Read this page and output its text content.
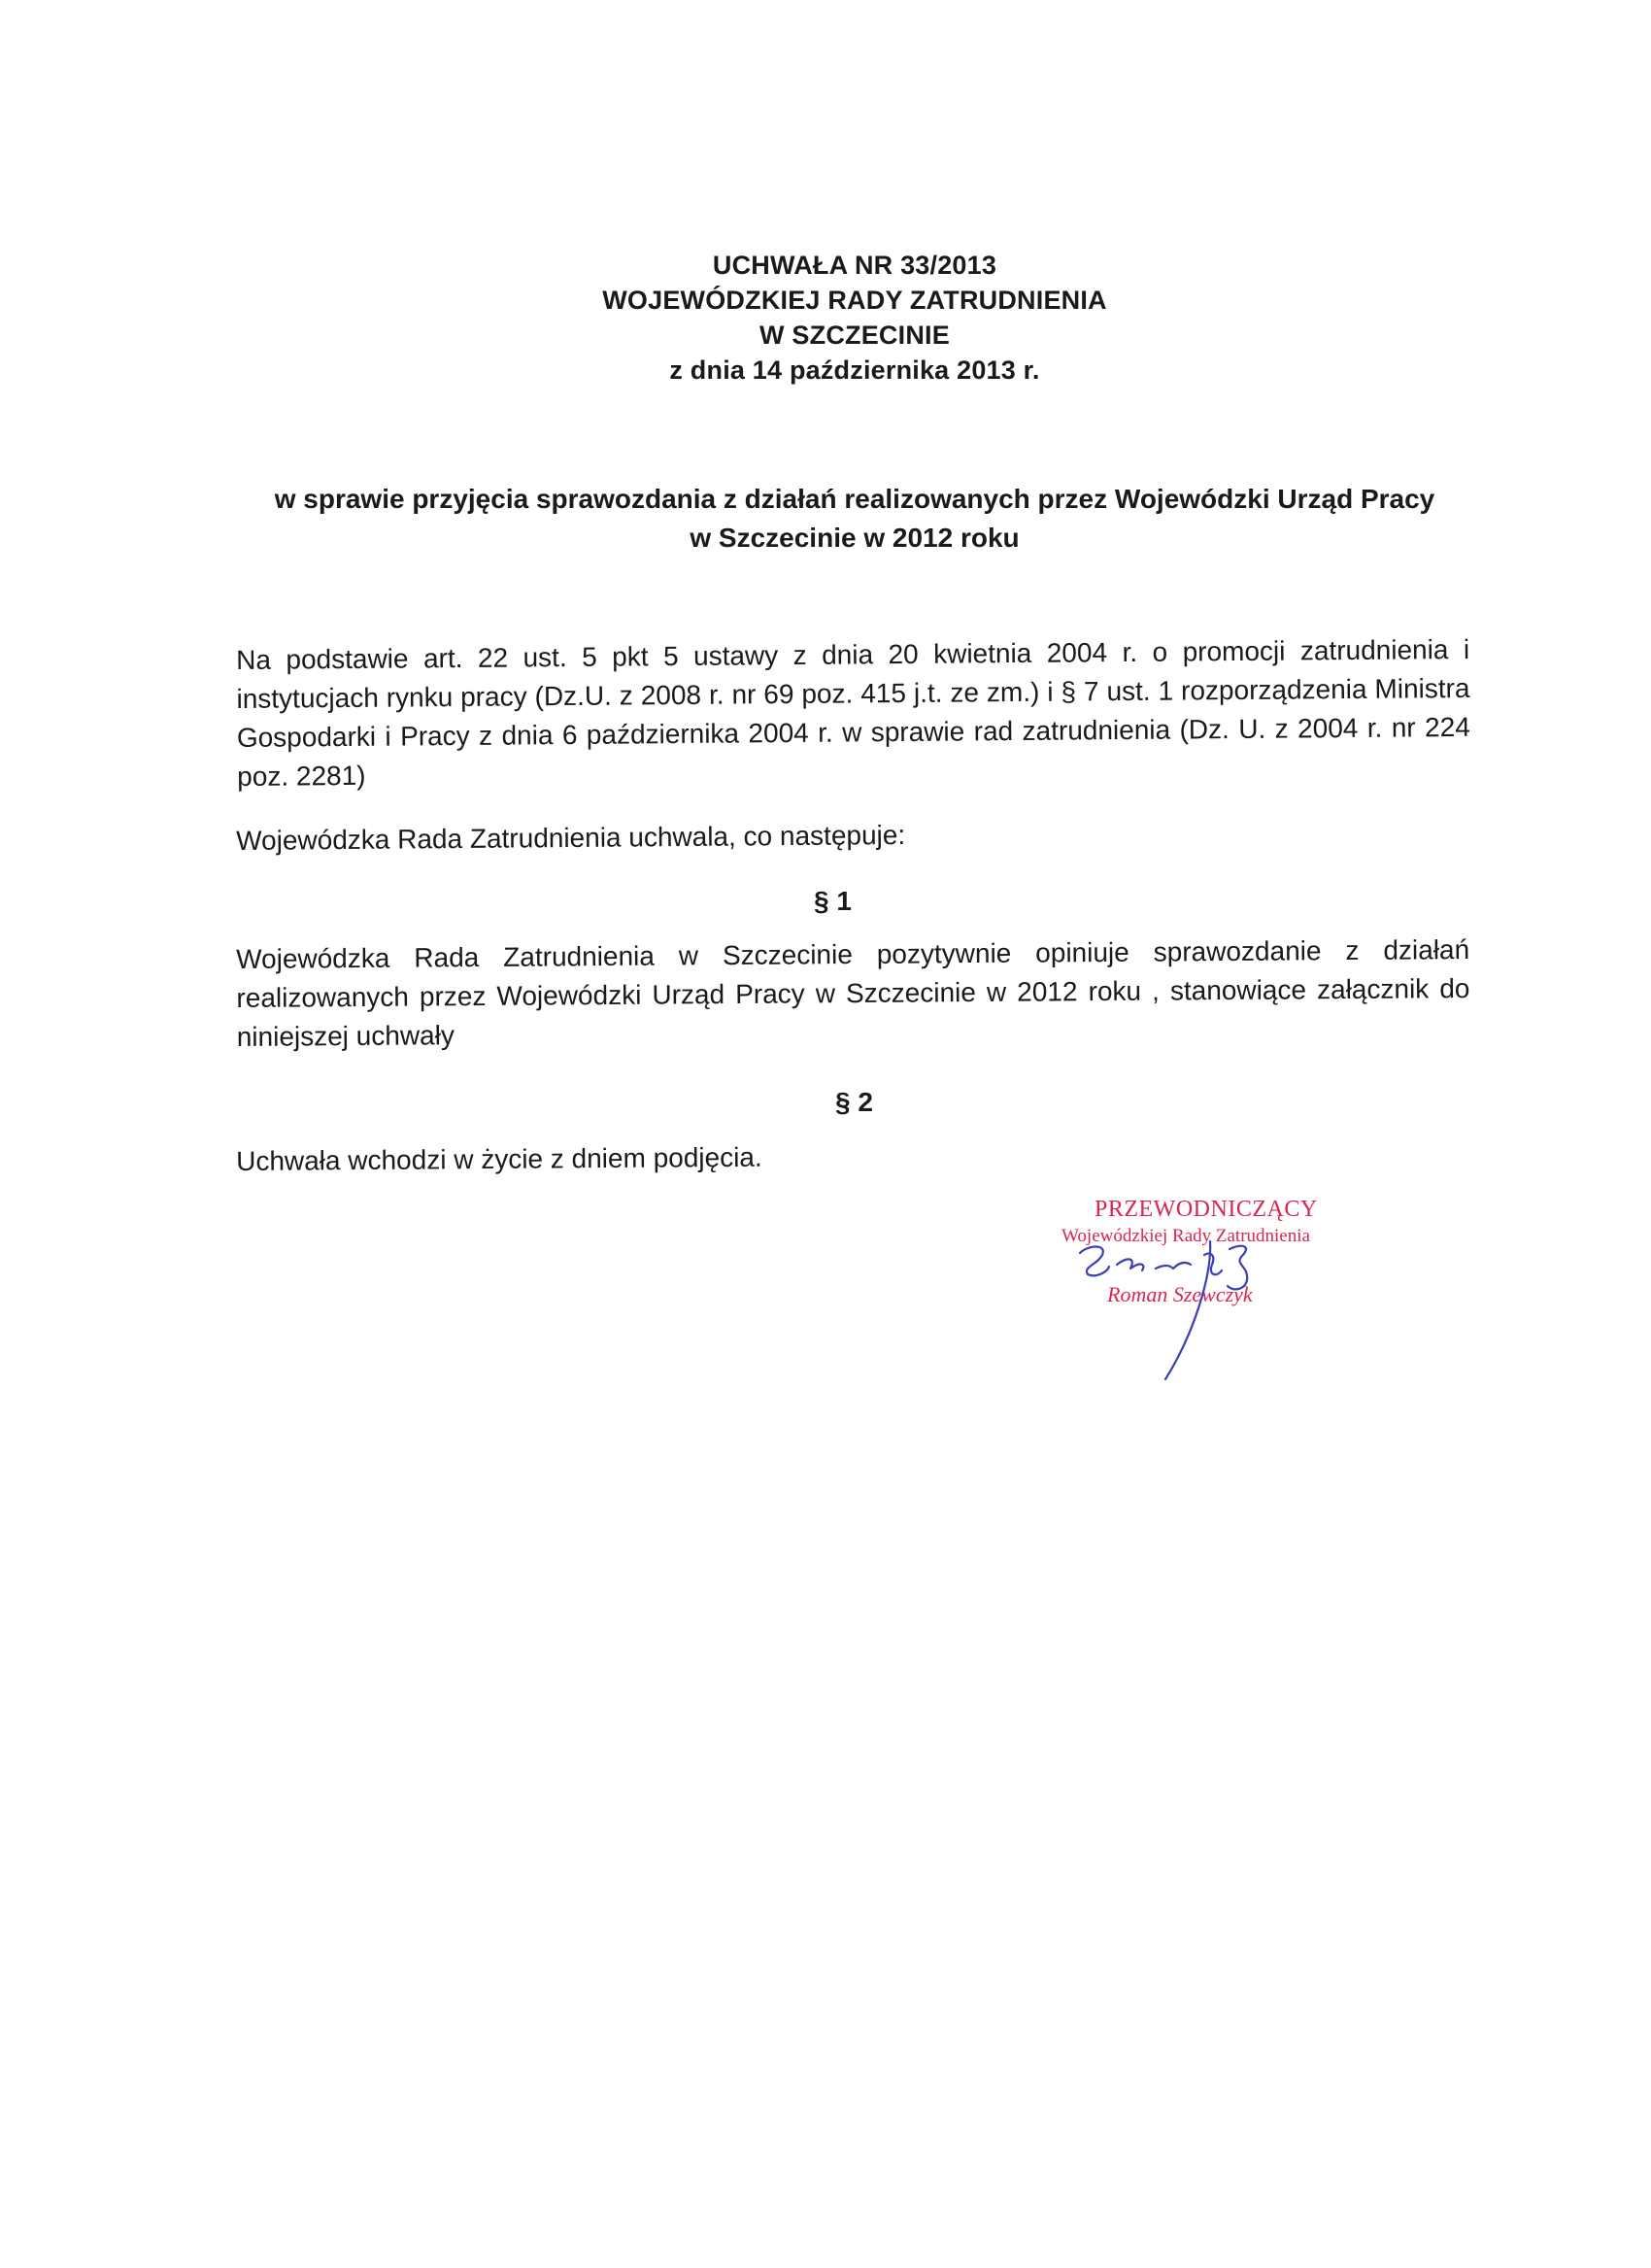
UCHWAŁA NR 33/2013
WOJEWÓDZKIEJ RADY ZATRUDNIENIA
W SZCZECINIE
z dnia 14 października 2013 r.
w sprawie przyjęcia sprawozdania z działań realizowanych przez Wojewódzki Urząd Pracy
w Szczecinie w 2012 roku
Na podstawie art. 22 ust. 5 pkt 5 ustawy z dnia 20 kwietnia 2004 r. o promocji zatrudnienia i instytucjach rynku pracy (Dz.U. z 2008 r. nr 69 poz. 415 j.t. ze zm.) i § 7 ust. 1 rozporządzenia Ministra Gospodarki i Pracy z dnia 6 października 2004 r. w sprawie rad zatrudnienia (Dz. U. z 2004 r. nr 224 poz. 2281)
Wojewódzka Rada Zatrudnienia uchwala, co następuje:
§ 1
Wojewódzka Rada Zatrudnienia w Szczecinie pozytywnie opiniuje sprawozdanie z działań realizowanych przez Wojewódzki Urząd Pracy w Szczecinie w 2012 roku , stanowiące załącznik do niniejszej uchwały
§ 2
Uchwała wchodzi w życie z dniem podjęcia.
PRZEWODNICZĄCY
Wojewódzkiej Rady Zatrudnienia
Roman Szewczyk
